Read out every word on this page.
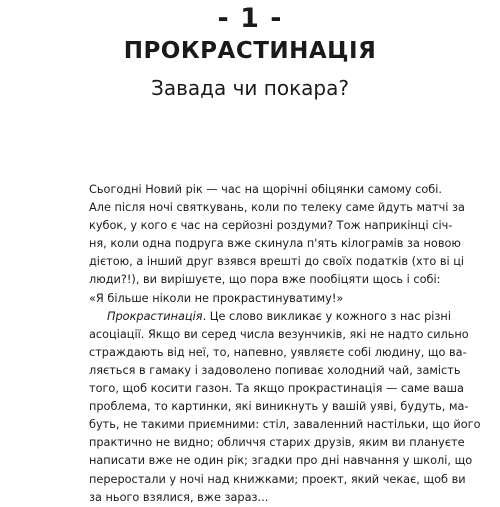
- 1 -
ПРОКРАСТИНАЦІЯ
Завада чи покара?
Сьогодні Новий рік — час на щорічні обіцянки самому собі.
Але після ночі святкувань, коли по телеку саме йдуть матчі за
кубок, у кого є час на серйозні роздуми? Тож наприкінці січ-
ня, коли одна подруга вже скинула п'ять кілограмів за новою
дієтою, а інший друг взявся врешті до своїх податків (хто ві ці
люди?!), ви вирішуєте, що пора вже пообіцяти щось і собі:
«Я більше ніколи не прокрастинуватиму!»
Прокрастинація. Це слово викликає у кожного з нас різні
асоціації. Якщо ви серед числа везунчиків, які не надто сильно
страждають від неї, то, напевно, уявляєте собі людину, що ва-
ляється в гамаку і задоволено попиває холодний чай, замість
того, щоб косити газон. Та якщо прокрастинація — саме ваша
проблема, то картинки, які виникнуть у вашій уяві, будуть, ма-
буть, не такими приємними: стіл, заваленний настільки, що його
практично не видно; обличчя старих друзів, яким ви плануєте
написати вже не один рік; згадки про дні навчання у школі, що
переростали у ночі над книжками; проект, який чекає, щоб ви
за нього взялися, вже зараз...
